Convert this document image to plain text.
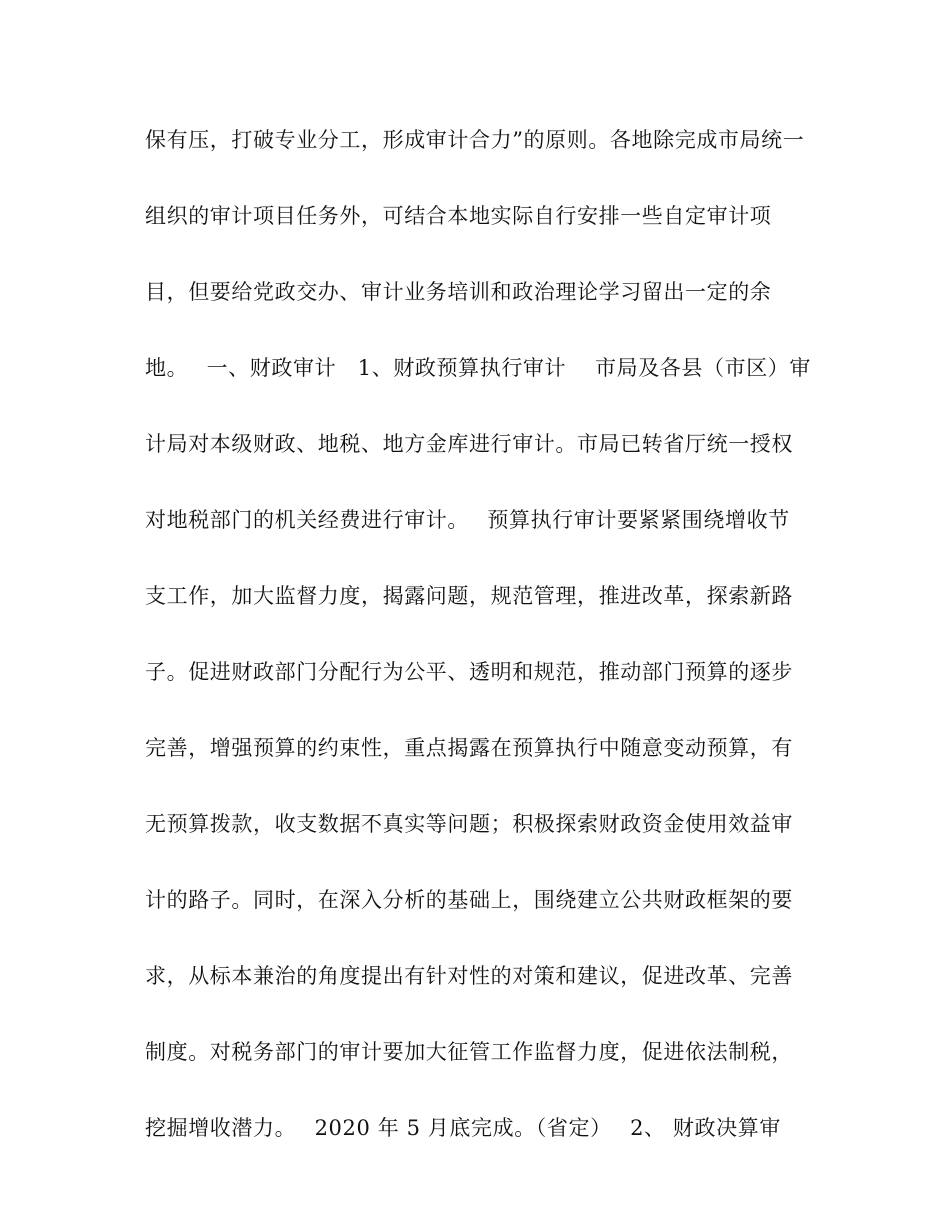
保有压，打破专业分工，形成审计合力”的原则。各地除完成市局统一
组织的审计项目任务外，可结合本地实际自行安排一些自定审计项
目，但要给党政交办、审计业务培训和政治理论学习留出一定的余
地。　 一、财政审计　1、财政预算执行审计　 市局及各县（市区）审
计局对本级财政、地税、地方金库进行审计。市局已转省厅统一授权
对地税部门的机关经费进行审计。　 预算执行审计要紧紧围绕增收节
支工作，加大监督力度，揭露问题，规范管理，推进改革，探索新路
子。促进财政部门分配行为公平、透明和规范，推动部门预算的逐步
完善，增强预算的约束性，重点揭露在预算执行中随意变动预算，有
无预算拨款，收支数据不真实等问题；积极探索财政资金使用效益审
计的路子。同时，在深入分析的基础上，围绕建立公共财政框架的要
求，从标本兼治的角度提出有针对性的对策和建议，促进改革、完善
制度。对税务部门的审计要加大征管工作监督力度，促进依法制税，
挖掘增收潜力。　 2020 年 5 月底完成。（省定）　 2、 财政决算审
